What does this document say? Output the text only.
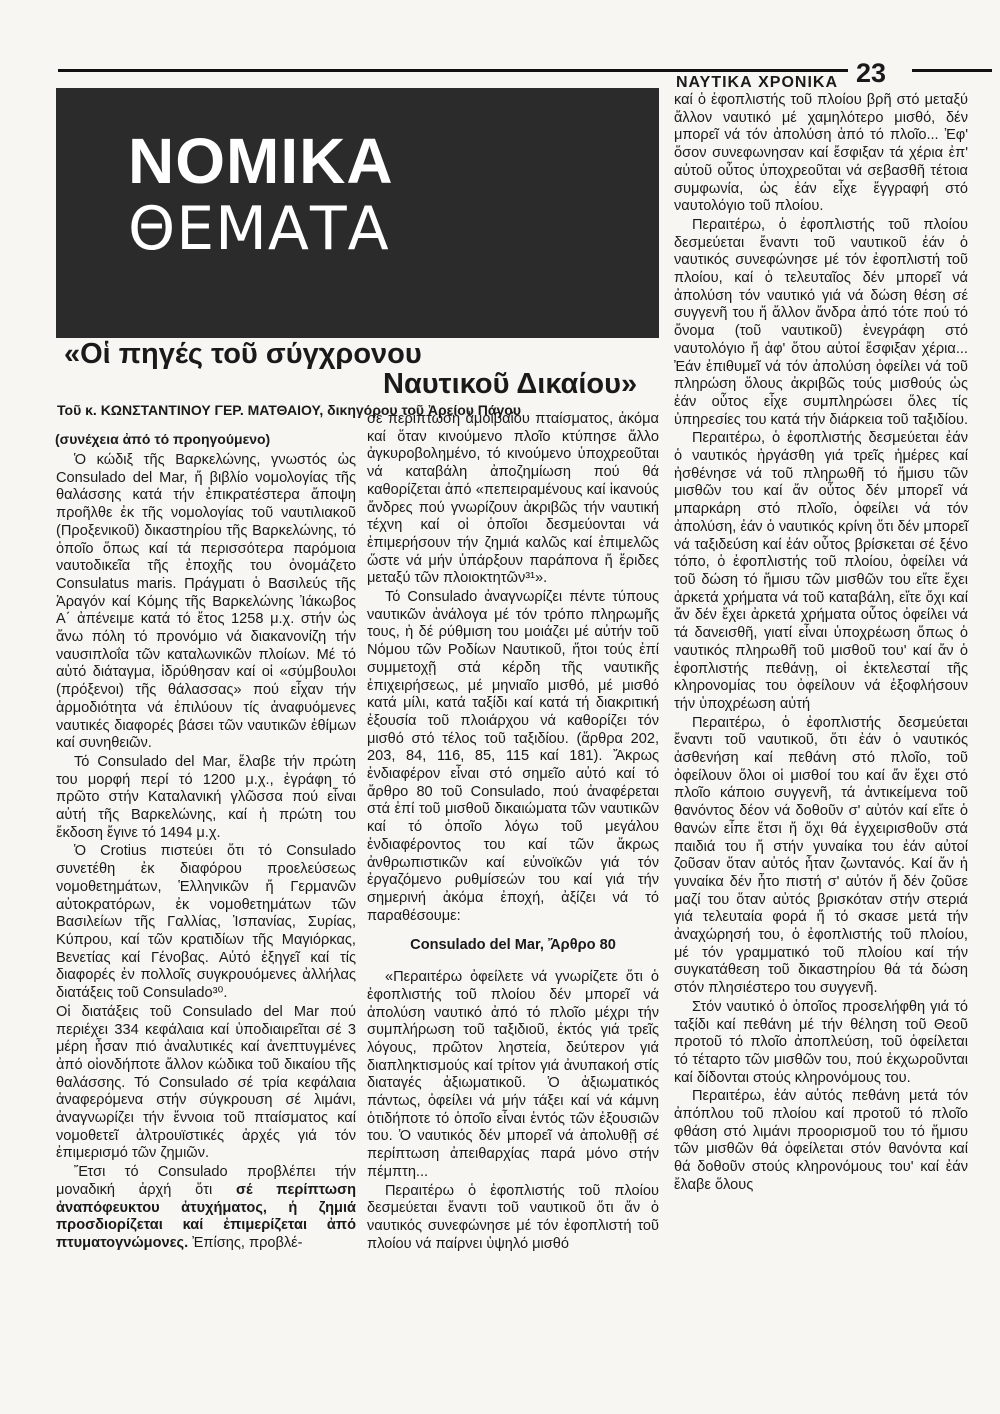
ΝΑΥΤΙΚΑ ΧΡΟΝΙΚΑ 23
ΝΟΜΙΚΑ
ΘΕΜΑΤΑ
«Οἱ πηγές τοῦ σύγχρονου
Ναυτικοῦ Δικαίου»
Τοῦ κ. ΚΩΝΣΤΑΝΤΙΝΟΥ ΓΕΡ. ΜΑΤΘΑΙΟΥ, δικηγόρου τοῦ Ἀρείου Πάγου
(συνέχεια ἀπό τό προηγούμενο)

Ὁ κώδιξ τῆς Βαρκελώνης, γνωστός ὡς Consulado del Mar, ἤ βιβλίο νομολογίας τῆς θαλάσσης κατά τήν ἐπικρατέστερα ἄποψη προῆλθε ἐκ τῆς νομολογίας τοῦ ναυτιλιακοῦ (Προξενικοῦ) δικαστηρίου τῆς Βαρκελώνης, τό ὁποῖο ὅπως καί τά περισσότερα παρόμοια ναυτοδικεῖα τῆς ἐποχῆς του ὀνομάζετο Consulatus maris. Πράγματι ὁ Βασιλεύς τῆς Ἀραγόν καί Κόμης τῆς Βαρκελώνης Ἰάκωβος Α΄ ἀπένειμε κατά τό ἔτος 1258 μ.χ. στήν ὡς ἄνω πόλη τό προνόμιο νά διακανονίζη τήν ναυσιπλοΐα τῶν καταλωνικῶν πλοίων. Μέ τό αὐτό διάταγμα, ἱδρύθησαν καί οἱ «σύμβουλοι (πρόξενοι) τῆς θάλασσας» πού εἶχαν τήν ἁρμοδιότητα νά ἐπιλύουν τίς ἀναφυόμενες ναυτικές διαφορές βάσει τῶν ναυτικῶν ἐθίμων καί συνηθειῶν.

Τό Consulado del Mar, ἔλαβε τήν πρώτη του μορφή περί τό 1200 μ.χ., ἐγράφη τό πρῶτο στήν Καταλανική γλῶσσα πού εἶναι αὐτή τῆς Βαρκελώνης, καί ἡ πρώτη του ἔκδοση ἔγινε τό 1494 μ.χ.

Ὁ Crotius πιστεύει ὅτι τό Consulado συνετέθη ἐκ διαφόρου προελεύσεως νομοθετημάτων, Ἑλληνικῶν ἤ Γερμανῶν αὐτοκρατόρων, ἐκ νομοθετημάτων τῶν Βασιλείων τῆς Γαλλίας, Ἱσπανίας, Συρίας, Κύπρου, καί τῶν κρατιδίων τῆς Μαγιόρκας, Βενετίας καί Γένοβας. Αὐτό ἐξηγεῖ καί τίς διαφορές ἐν πολλοῖς συγκρουόμενες ἀλλήλας διατάξεις τοῦ Consulado³⁰.

Οἱ διατάξεις τοῦ Consulado del Mar πού περιέχει 334 κεφάλαια καί ὑποδιαιρεῖται σέ 3 μέρη ἦσαν πιό ἀναλυτικές καί ἀνεπτυγμένες ἀπό οἱονδήποτε ἄλλον κώδικα τοῦ δικαίου τῆς θαλάσσης. Τό Consulado σέ τρία κεφάλαια ἀναφερόμενα στήν σύγκρουση σέ λιμάνι, ἀναγνωρίζει τήν ἔννοια τοῦ πταίσματος καί νομοθετεῖ ἀλτρουϊστικές ἀρχές γιά τόν ἐπιμερισμό τῶν ζημιῶν.

Ἔτσι τό Consulado προβλέπει τήν μοναδική ἀρχή ὅτι σέ περίπτωση ἀναπόφευκτου ἀτυχήματος, ἡ ζημιά προσδιορίζεται καί ἐπιμερίζεται ἀπό πτυματογνώμονες. Ἐπίσης, προβλέ-

σέ περίπτωση ἀμοιβαίου πταίσματος, ἀκόμα καί ὅταν κινούμενο πλοῖο κτύπησε ἄλλο ἀγκυροβολημένο, τό κινούμενο ὑποχρεοῦται νά καταβάλη ἀποζημίωση πού θά καθορίζεται ἀπό «πεπειραμένους καί ἱκανούς ἄνδρες πού γνωρίζουν ἀκριβῶς τήν ναυτική τέχνη καί οἱ ὁποῖοι δεσμεύονται νά ἐπιμερήσουν τήν ζημιά καλῶς καί ἐπιμελῶς ὥστε νά μήν ὑπάρξουν παράπονα ἤ ἔριδες μεταξύ τῶν πλοιοκτητῶν³¹».

Τό Consulado ἀναγνωρίζει πέντε τύπους ναυτικῶν ἀνάλογα μέ τόν τρόπο πληρωμῆς τους, ἡ δέ ρύθμιση του μοιάζει μέ αὐτήν τοῦ Νόμου τῶν Ροδίων Ναυτικοῦ, ἤτοι τούς ἐπί συμμετοχῇ στά κέρδη τῆς ναυτικῆς ἐπιχειρήσεως, μέ μηνιαῖο μισθό, μέ μισθό κατά μίλι, κατά ταξίδι καί κατά τή διακριτική ἐξουσία τοῦ πλοιάρχου νά καθορίζει τόν μισθό στό τέλος τοῦ ταξιδίου. (ἄρθρα 202, 203, 84, 116, 85, 115 καί 181). Ἄκρως ἐνδιαφέρον εἶναι στό σημεῖο αὐτό καί τό ἄρθρο 80 τοῦ Consulado, πού ἀναφέρεται στά ἐπί τοῦ μισθοῦ δικαιώματα τῶν ναυτικῶν καί τό ὁποῖο λόγω τοῦ μεγάλου ἐνδιαφέροντος του καί τῶν ἄκρως ἀνθρωπιστικῶν καί εὐνοϊκῶν γιά τόν ἐργαζόμενο ρυθμίσεών του καί γιά τήν σημερινή ἀκόμα ἐποχή, ἀξίζει νά τό παραθέσουμε:

Consulado del Mar, Ἄρθρο 80

«Περαιτέρω ὀφείλετε νά γνωρίζετε ὅτι ὁ ἐφοπλιστής τοῦ πλοίου δέν μπορεῖ νά ἀπολύση ναυτικό ἀπό τό πλοῖο μέχρι τήν συμπλήρωση τοῦ ταξιδιοῦ, ἐκτός γιά τρεῖς λόγους, πρῶτον ληστεία, δεύτερον γιά διαπληκτισμούς καί τρίτον γιά ἀνυπακοή στίς διαταγές ἀξιωματικοῦ. Ὁ ἀξιωματικός πάντως, ὀφείλει νά μήν τάξει καί νά κάμνη ὁτιδήποτε τό ὁποῖο εἶναι ἐντός τῶν ἐξουσιῶν του. Ὁ ναυτικός δέν μπορεῖ νά ἀπολυθῇ σέ περίπτωση ἀπειθαρχίας παρά μόνο στήν πέμπτη...

Περαιτέρω ὁ ἐφοπλιστής τοῦ πλοίου δεσμεύεται ἔναντι τοῦ ναυτικοῦ ὅτι ἄν ὁ ναυτικός συνεφώνησε μέ τόν ἐφοπλιστή τοῦ πλοίου νά παίρνει ὑψηλό μισθό

καί ὁ ἐφοπλιστής τοῦ πλοίου βρῆ στό μεταξύ ἄλλον ναυτικό μέ χαμηλότερο μισθό, δέν μπορεῖ νά τόν ἀπολύση ἀπό τό πλοῖο... Ἐφ' ὅσον συνεφωνησαν καί ἔσφιξαν τά χέρια ἐπ' αὐτοῦ οὗτος ὑποχρεοῦται νά σεβασθῆ τέτοια συμφωνία, ὡς ἐάν εἶχε ἔγγραφή στό ναυτολόγιο τοῦ πλοίου.

Περαιτέρω, ὁ ἐφοπλιστής τοῦ πλοίου δεσμεύεται ἔναντι τοῦ ναυτικοῦ ἐάν ὁ ναυτικός συνεφώνησε μέ τόν ἐφοπλιστή τοῦ πλοίου, καί ὁ τελευταῖος δέν μπορεῖ νά ἀπολύση τόν ναυτικό γιά νά δώση θέση σέ συγγενῆ του ἤ ἄλλον ἄνδρα ἀπό τότε πού τό ὄνομα (τοῦ ναυτικοῦ) ἐνεγράφη στό ναυτολόγιο ἤ ἀφ' ὅτου αὐτοί ἔσφιξαν χέρια... Ἐάν ἐπιθυμεῖ νά τόν ἀπολύση ὀφείλει νά τοῦ πληρώση ὅλους ἀκριβῶς τούς μισθούς ὡς ἐάν οὗτος εἶχε συμπληρώσει ὅλες τίς ὑπηρεσίες του κατά τήν διάρκεια τοῦ ταξιδίου.

Περαιτέρω, ὁ ἐφοπλιστής δεσμεύεται ἐάν ὁ ναυτικός ἠργάσθη γιά τρεῖς ἡμέρες καί ἠσθένησε νά τοῦ πληρωθῆ τό ἥμισυ τῶν μισθῶν του καί ἄν οὗτος δέν μπορεῖ νά μπαρκάρη στό πλοῖο, ὀφείλει νά τόν ἀπολύση, ἐάν ὁ ναυτικός κρίνη ὅτι δέν μπορεῖ νά ταξιδεύση καί ἐάν οὗτος βρίσκεται σέ ξένο τόπο, ὁ ἐφοπλιστής τοῦ πλοίου, ὀφείλει νά τοῦ δώση τό ἥμισυ τῶν μισθῶν του εἴτε ἔχει ἀρκετά χρήματα νά τοῦ καταβάλη, εἴτε ὄχι καί ἄν δέν ἔχει ἀρκετά χρήματα οὗτος ὀφείλει νά τά δανεισθῆ, γιατί εἶναι ὑποχρέωση ὅπως ὁ ναυτικός πληρωθῆ τοῦ μισθοῦ του' καί ἄν ὁ ἐφοπλιστής πεθάνῃ, οἱ ἐκτελεσταί τῆς κληρονομίας του ὀφείλουν νά ἐξοφλήσουν τήν ὑποχρέωση αὐτή

Περαιτέρω, ὁ ἐφοπλιστής δεσμεύεται ἔναντι τοῦ ναυτικοῦ, ὅτι ἐάν ὁ ναυτικός ἀσθενήση καί πεθάνη στό πλοῖο, τοῦ ὀφείλουν ὅλοι οἱ μισθοί του καί ἄν ἔχει στό πλοῖο κάποιο συγγενῆ, τά ἀντικείμενα τοῦ θανόντος δέον νά δοθοῦν σ' αὐτόν καί εἴτε ὁ θανών εἶπε ἔτσι ἤ ὄχι θά ἐγχειρισθοῦν στά παιδιά του ἤ στήν γυναίκα του ἐάν αὐτοί ζοῦσαν ὅταν αὐτός ἦταν ζωντανός. Καί ἄν ἡ γυναίκα δέν ἦτο πιστή σ' αὐτόν ἤ δέν ζοῦσε μαζί του ὅταν αὐτός βρισκόταν στήν στεριά γιά τελευταία φορά ἤ τό σκασε μετά τήν ἀναχώρησή του, ὁ ἐφοπλιστής τοῦ πλοίου, μέ τόν γραμματικό τοῦ πλοίου καί τήν συγκατάθεση τοῦ δικαστηρίου θά τά δώση στόν πλησιέστερο του συγγενῆ.

Στόν ναυτικό ὁ ὁποῖος προσελήφθη γιά τό ταξίδι καί πεθάνη μέ τήν θέληση τοῦ Θεοῦ προτοῦ τό πλοῖο ἀποπλεύση, τοῦ ὀφείλεται τό τέταρτο τῶν μισθῶν του, πού ἐκχωροῦνται καί δίδονται στούς κληρονόμους του.

Περαιτέρω, ἐάν αὐτός πεθάνη μετά τόν ἀπόπλου τοῦ πλοίου καί προτοῦ τό πλοῖο φθάση στό λιμάνι προορισμοῦ του τό ἥμισυ τῶν μισθῶν θά ὀφείλεται στόν θανόντα καί θά δοθοῦν στούς κληρονόμους του' καί ἐάν ἔλαβε ὅλους
